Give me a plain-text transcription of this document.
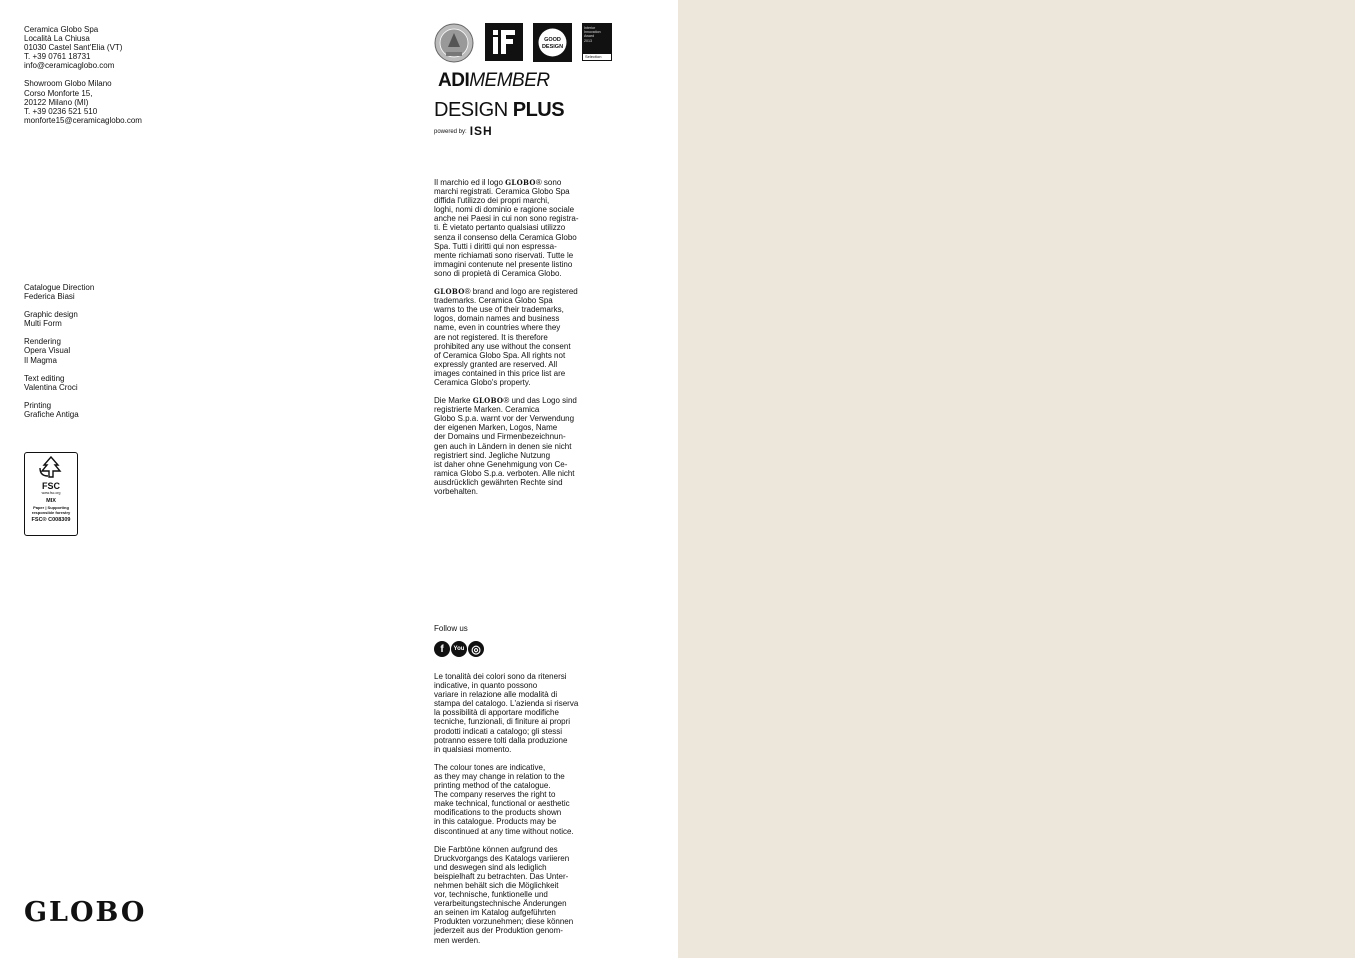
Ceramica Globo Spa
Località La Chiusa
01030 Castel Sant'Elia (VT)
T. +39 0761 18731
info@ceramicaglobo.com
Showroom Globo Milano
Corso Monforte 15,
20122 Milano (MI)
T. +39 0236 521 510
monforte15@ceramicaglobo.com
Catalogue Direction
Federica Biasi
Graphic design
Multi Form
Rendering
Opera Visual
Il Magma
Text editing
Valentina Croci
Printing
Grafiche Antiga
FSC
www.fsc.org
MIX
Paper | Supporting
responsible forestry
FSC® C008309
GLOBO
GOOD
DESIGN
Interior
Innovation
Award
2013
Selection
ADIMEMBER
DESIGN PLUS
powered by: ISH
Il marchio ed il logo GLOBO® sono
marchi registrati. Ceramica Globo Spa
diffida l'utilizzo dei propri marchi,
loghi, nomi di dominio e ragione sociale
anche nei Paesi in cui non sono registra-
ti. È vietato pertanto qualsiasi utilizzo
senza il consenso della Ceramica Globo
Spa. Tutti i diritti qui non espressa-
mente richiamati sono riservati. Tutte le
immagini contenute nel presente listino
sono di propietà di Ceramica Globo.
GLOBO® brand and logo are registered
trademarks. Ceramica Globo Spa
warns to the use of their trademarks,
logos, domain names and business
name, even in countries where they
are not registered. It is therefore
prohibited any use without the consent
of Ceramica Globo Spa. All rights not
expressly granted are reserved. All
images contained in this price list are
Ceramica Globo's property.
Die Marke GLOBO® und das Logo sind
registrierte Marken. Ceramica
Globo S.p.a. warnt vor der Verwendung
der eigenen Marken, Logos, Name
der Domains und Firmenbezeichnun-
gen auch in Ländern in denen sie nicht
registriert sind. Jegliche Nutzung
ist daher ohne Genehmigung von Ce-
ramica Globo S.p.a. verboten. Alle nicht
ausdrücklich gewährten Rechte sind
vorbehalten.
Follow us
f	You ◎
Le tonalità dei colori sono da ritenersi
indicative, in quanto possono
variare in relazione alle modalità di
stampa del catalogo. L'azienda si riserva
la possibilità di apportare modifiche
tecniche, funzionali, di finiture ai propri
prodotti indicati a catalogo; gli stessi
potranno essere tolti dalla produzione
in qualsiasi momento.
The colour tones are indicative,
as they may change in relation to the
printing method of the catalogue.
The company reserves the right to
make technical, functional or aesthetic
modifications to the products shown
in this catalogue. Products may be
discontinued at any time without notice.
Die Farbtöne können aufgrund des
Druckvorgangs des Katalogs variieren
und deswegen sind als lediglich
beispielhaft zu betrachten. Das Unter-
nehmen behält sich die Möglichkeit
vor, technische, funktionelle und
verarbeitungstechnische Änderungen
an seinen im Katalog aufgeführten
Produkten vorzunehmen; diese können
jederzeit aus der Produktion genom-
men werden.
